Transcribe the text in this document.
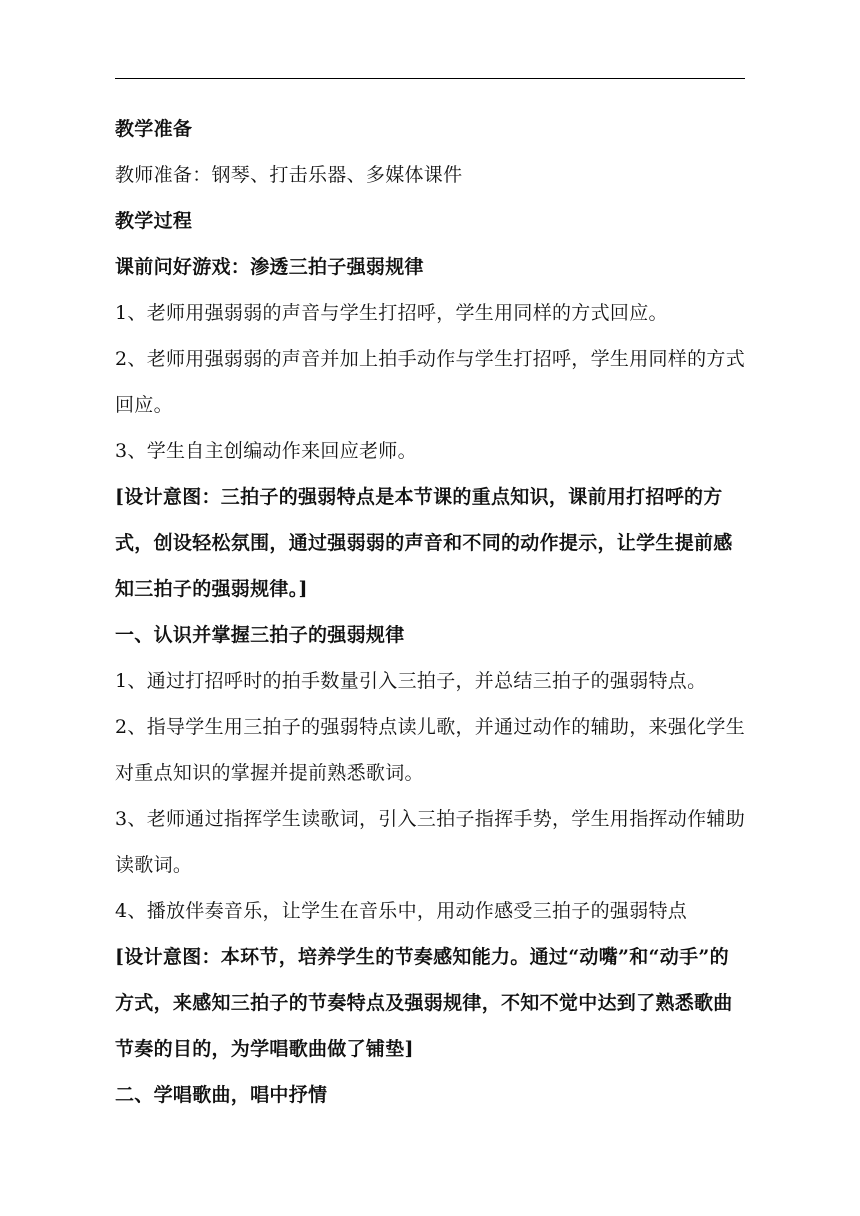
教学准备

教师准备：钢琴、打击乐器、多媒体课件

教学过程

课前问好游戏：渗透三拍子强弱规律

1、老师用强弱弱的声音与学生打招呼，学生用同样的方式回应。

2、老师用强弱弱的声音并加上拍手动作与学生打招呼，学生用同样的方式回应。

3、学生自主创编动作来回应老师。

[设计意图：三拍子的强弱特点是本节课的重点知识，课前用打招呼的方式，创设轻松氛围，通过强弱弱的声音和不同的动作提示，让学生提前感知三拍子的强弱规律。]

一、认识并掌握三拍子的强弱规律

1、通过打招呼时的拍手数量引入三拍子，并总结三拍子的强弱特点。

2、指导学生用三拍子的强弱特点读儿歌，并通过动作的辅助，来强化学生对重点知识的掌握并提前熟悉歌词。

3、老师通过指挥学生读歌词，引入三拍子指挥手势，学生用指挥动作辅助读歌词。

4、播放伴奏音乐，让学生在音乐中，用动作感受三拍子的强弱特点

[设计意图：本环节，培养学生的节奏感知能力。通过“动嘴”和“动手”的方式，来感知三拍子的节奏特点及强弱规律，不知不觉中达到了熟悉歌曲节奏的目的，为学唱歌曲做了铺垫]

二、学唱歌曲，唱中抒情
